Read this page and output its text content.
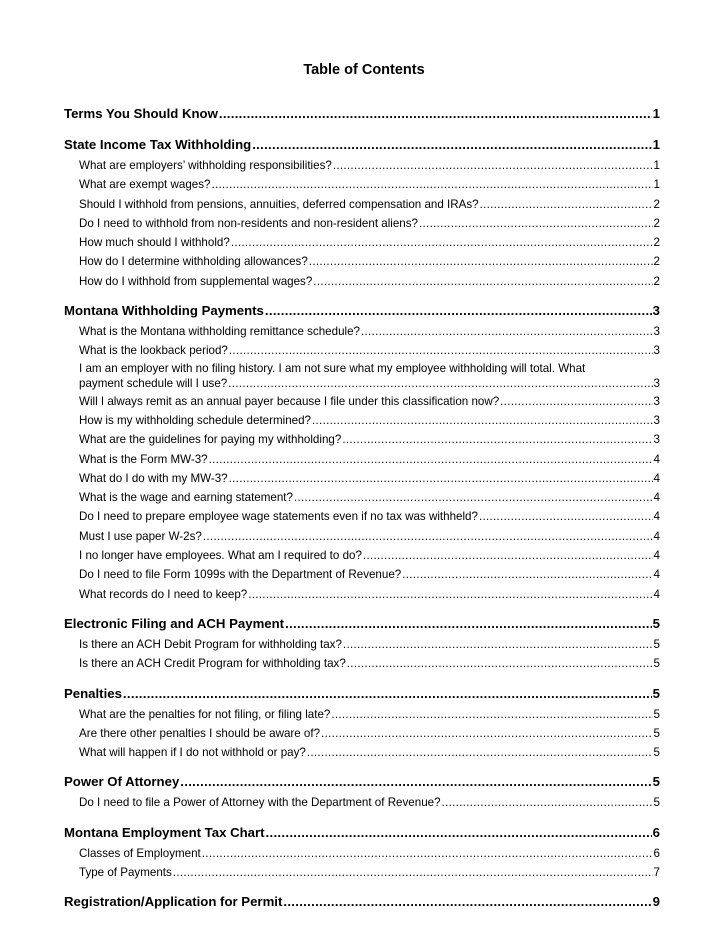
Table of Contents
Terms You Should Know .....	1
State Income Tax Withholding .....	1
What are employers’ withholding responsibilities? .....	1
What are exempt wages? .....	1
Should I withhold from pensions, annuities, deferred compensation and IRAs? .....	2
Do I need to withhold from non-residents and non-resident aliens? .....	2
How much should I withhold? .....	2
How do I determine withholding allowances? .....	2
How do I withhold from supplemental wages? .....	2
Montana Withholding Payments .....	3
What is the Montana withholding remittance schedule? .....	3
What is the lookback period? .....	3
I am an employer with no filing history. I am not sure what my employee withholding will total. What
payment schedule will I use? .....	3
Will I always remit as an annual payer because I file under this classification now? .....	3
How is my withholding schedule determined? .....	3
What are the guidelines for paying my withholding? .....	3
What is the Form MW-3? .....	4
What do I do with my MW-3? .....	4
What is the wage and earning statement? .....	4
Do I need to prepare employee wage statements even if no tax was withheld? .....	4
Must I use paper W-2s? .....	4
I no longer have employees. What am I required to do? .....	4
Do I need to file Form 1099s with the Department of Revenue? .....	4
What records do I need to keep? .....	4
Electronic Filing and ACH Payment .....	5
Is there an ACH Debit Program for withholding tax? .....	5
Is there an ACH Credit Program for withholding tax? .....	5
Penalties .....	5
What are the penalties for not filing, or filing late? .....	5
Are there other penalties I should be aware of? .....	5
What will happen if I do not withhold or pay? .....	5
Power Of Attorney .....	5
Do I need to file a Power of Attorney with the Department of Revenue? .....	5
Montana Employment Tax Chart .....	6
Classes of Employment .....	6
Type of Payments .....	7
Registration/Application for Permit .....	9
